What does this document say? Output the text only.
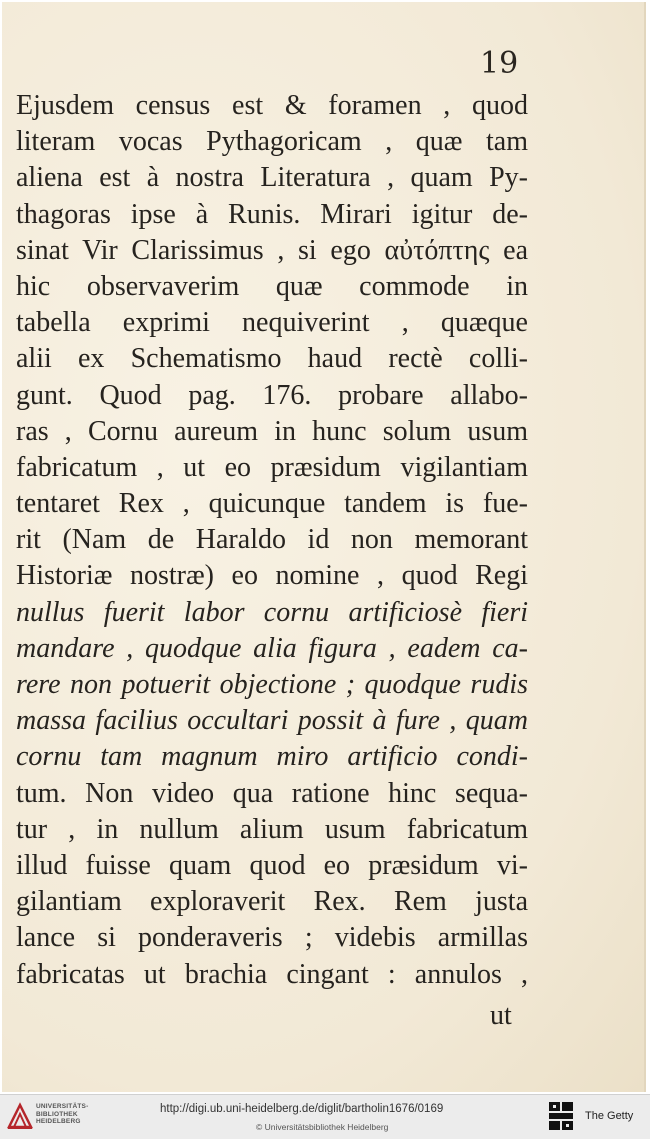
19
Ejusdem census est & foramen , quod
literam vocas Pythagoricam , quæ tam
aliena est à nostra Literatura , quam Py-
thagoras ipse à Runis. Mirari igitur de-
sinat Vir Clarissimus , si ego αὐτόπτης ea
hic observaverim quæ commode in
tabella exprimi nequiverint , quæque
alii ex Schematismo haud rectè colli-
gunt. Quod pag. 176. probare allabo-
ras , Cornu aureum in hunc solum usum
fabricatum , ut eo præsidum vigilantiam
tentaret Rex , quicunque tandem is fue-
rit (Nam de Haraldo id non memorant
Historiæ nostræ) eo nomine , quod Regi
nullus fuerit labor cornu artificiosè fieri
mandare , quodque alia figura , eadem ca-
rere non potuerit objectione ; quodque rudis
massa facilius occultari possit à fure , quam
cornu tam magnum miro artificio condi-
tum. Non video qua ratione hinc sequa-
tur , in nullum alium usum fabricatum
illud fuisse quam quod eo præsidum vi-
gilantiam exploraverit Rex. Rem justa
lance si ponderaveris ; videbis armillas
fabricatas ut brachia cingant : annulos ,
ut
UNIVERSITÄTS-
BIBLIOTHEK
HEIDELBERG
http://digi.ub.uni-heidelberg.de/diglit/bartholin1676/0169
© Universitätsbibliothek Heidelberg
The Getty
